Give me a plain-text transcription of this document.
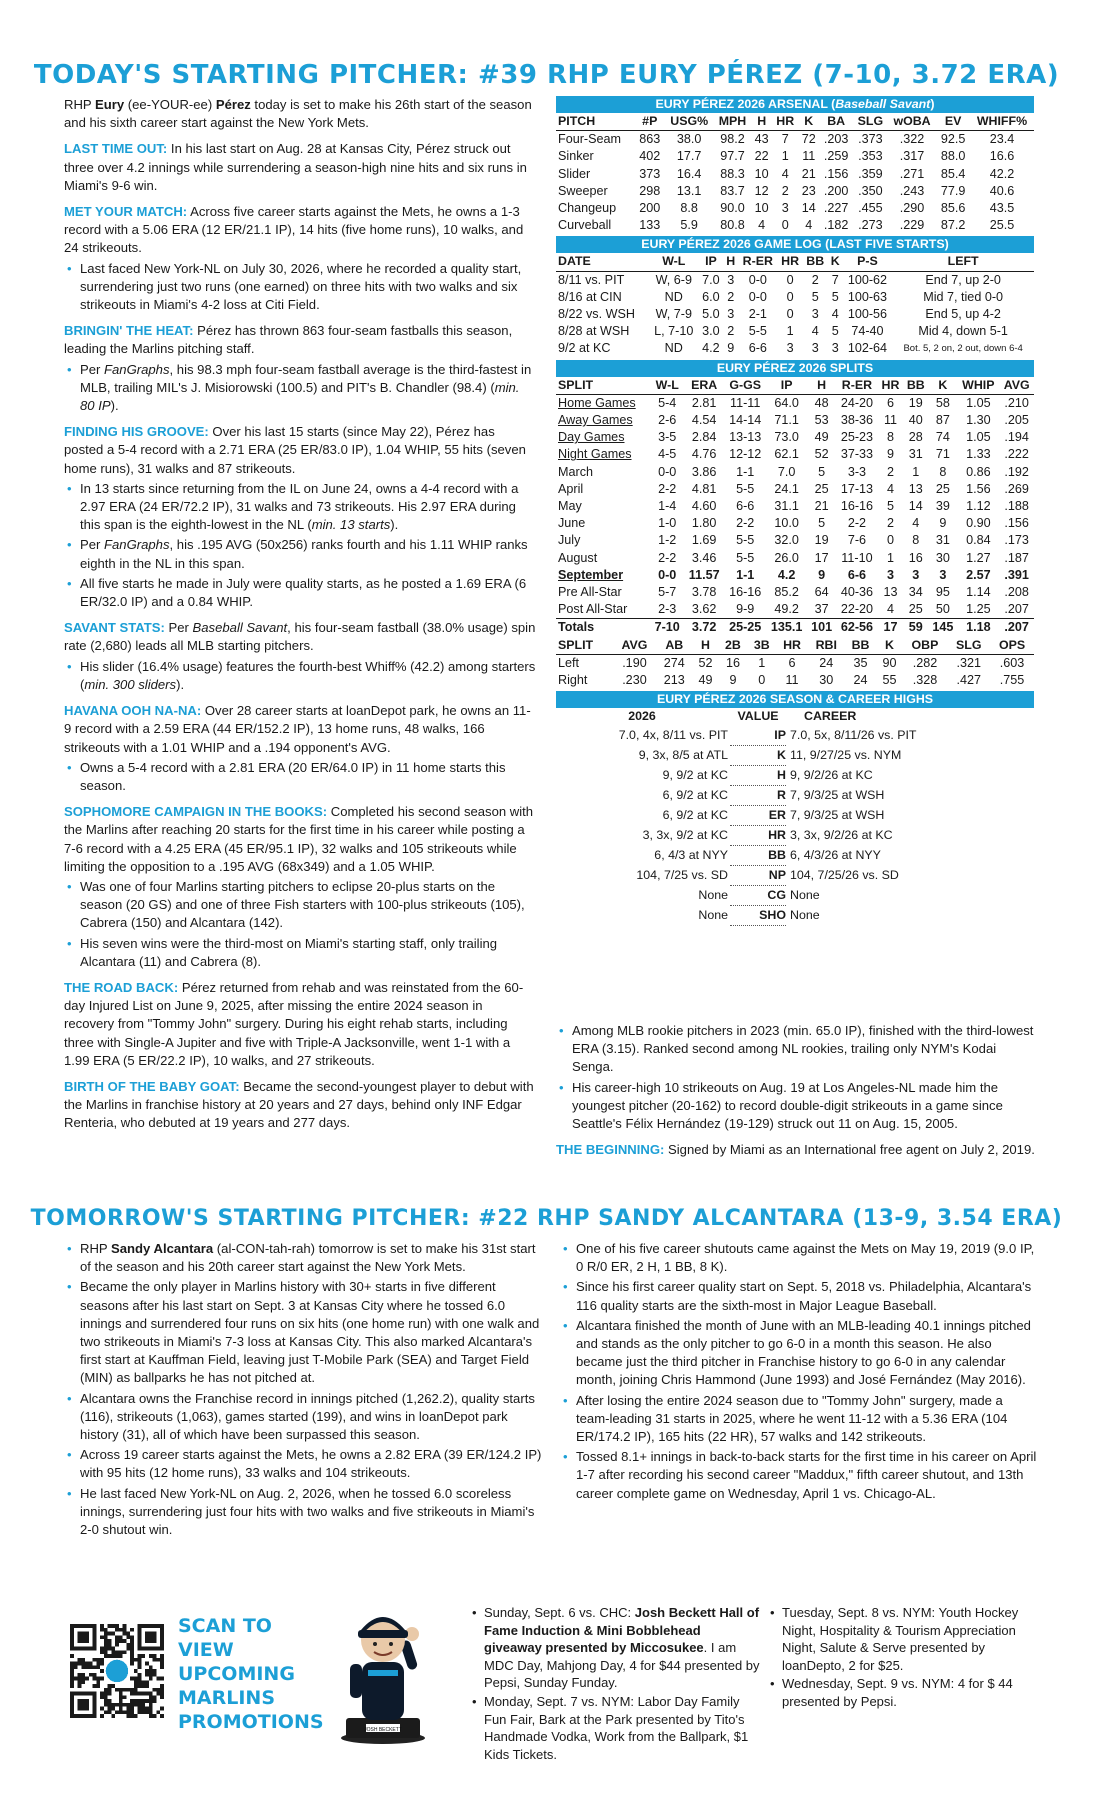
TODAY'S STARTING PITCHER: #39 RHP EURY PÉREZ (7-10, 3.72 ERA)

RHP Eury (ee-YOUR-ee) Pérez today is set to make his 26th start of the season and his sixth career start against the New York Mets.

LAST TIME OUT: In his last start on Aug. 28 at Kansas City, Pérez struck out three over 4.2 innings while surrendering a season-high nine hits and six runs in Miami's 9-6 win.

MET YOUR MATCH: Across five career starts against the Mets, he owns a 1-3 record with a 5.06 ERA (12 ER/21.1 IP), 14 hits (five home runs), 10 walks, and 24 strikeouts.

• Last faced New York-NL on July 30, 2026, where he recorded a quality start, surrendering just two runs (one earned) on three hits with two walks and six strikeouts in Miami's 4-2 loss at Citi Field.

BRINGIN' THE HEAT: Pérez has thrown 863 four-seam fastballs this season, leading the Marlins pitching staff.

• Per FanGraphs, his 98.3 mph four-seam fastball average is the third-fastest in MLB, trailing MIL's J. Misiorowski (100.5) and PIT's B. Chandler (98.4) (min. 80 IP).

FINDING HIS GROOVE: Over his last 15 starts (since May 22), Pérez has posted a 5-4 record with a 2.71 ERA (25 ER/83.0 IP), 1.04 WHIP, 55 hits (seven home runs), 31 walks and 87 strikeouts.

• In 13 starts since returning from the IL on June 24, owns a 4-4 record with a 2.97 ERA (24 ER/72.2 IP), 31 walks and 73 strikeouts. His 2.97 ERA during this span is the eighth-lowest in the NL (min. 13 starts).
• Per FanGraphs, his .195 AVG (50x256) ranks fourth and his 1.11 WHIP ranks eighth in the NL in this span.
• All five starts he made in July were quality starts, as he posted a 1.69 ERA (6 ER/32.0 IP) and a 0.84 WHIP.

SAVANT STATS: Per Baseball Savant, his four-seam fastball (38.0% usage) spin rate (2,680) leads all MLB starting pitchers.

• His slider (16.4% usage) features the fourth-best Whiff% (42.2) among starters (min. 300 sliders).

HAVANA OOH NA-NA: Over 28 career starts at loanDepot park, he owns an 11-9 record with a 2.59 ERA (44 ER/152.2 IP), 13 home runs, 48 walks, 166 strikeouts with a 1.01 WHIP and a .194 opponent's AVG.

• Owns a 5-4 record with a 2.81 ERA (20 ER/64.0 IP) in 11 home starts this season.

SOPHOMORE CAMPAIGN IN THE BOOKS: Completed his second season with the Marlins after reaching 20 starts for the first time in his career while posting a 7-6 record with a 4.25 ERA (45 ER/95.1 IP), 32 walks and 105 strikeouts while limiting the opposition to a .195 AVG (68x349) and a 1.05 WHIP.

• Was one of four Marlins starting pitchers to eclipse 20-plus starts on the season (20 GS) and one of three Fish starters with 100-plus strikeouts (105), Cabrera (150) and Alcantara (142).
• His seven wins were the third-most on Miami's starting staff, only trailing Alcantara (11) and Cabrera (8).

THE ROAD BACK: Pérez returned from rehab and was reinstated from the 60-day Injured List on June 9, 2025, after missing the entire 2024 season in recovery from "Tommy John" surgery. During his eight rehab starts, including three with Single-A Jupiter and five with Triple-A Jacksonville, went 1-1 with a 1.99 ERA (5 ER/22.2 IP), 10 walks, and 27 strikeouts.

BIRTH OF THE BABY GOAT: Became the second-youngest player to debut with the Marlins in franchise history at 20 years and 27 days, behind only INF Edgar Renteria, who debuted at 19 years and 277 days.

EURY PÉREZ 2026 ARSENAL (Baseball Savant)
PITCH	#P	USG%	MPH	H	HR	K	BA	SLG	wOBA	EV	WHIFF%
Four-Seam	863	38.0	98.2	43	7	72	.203	.373	.322	92.5	23.4
Sinker	402	17.7	97.7	22	1	11	.259	.353	.317	88.0	16.6
Slider	373	16.4	88.3	10	4	21	.156	.359	.271	85.4	42.2
Sweeper	298	13.1	83.7	12	2	23	.200	.350	.243	77.9	40.6
Changeup	200	8.8	90.0	10	3	14	.227	.455	.290	85.6	43.5
Curveball	133	5.9	80.8	4	0	4	.182	.273	.229	87.2	25.5
EURY PÉREZ 2026 GAME LOG (LAST FIVE STARTS)
DATE	W-L	IP	H	R-ER	HR	BB	K	P-S	LEFT
8/11 vs. PIT	W, 6-9	7.0	3	0-0	0	2	7	100-62	End 7, up 2-0
8/16 at CIN	ND	6.0	2	0-0	0	5	5	100-63	Mid 7, tied 0-0
8/22 vs. WSH	W, 7-9	5.0	3	2-1	0	3	4	100-56	End 5, up 4-2
8/28 at WSH	L, 7-10	3.0	2	5-5	1	4	5	74-40	Mid 4, down 5-1
9/2 at KC	ND	4.2	9	6-6	3	3	3	102-64	Bot. 5, 2 on, 2 out, down 6-4
EURY PÉREZ 2026 SPLITS
SPLIT	W-L	ERA	G-GS	IP	H	R-ER	HR	BB	K	WHIP	AVG
Home Games	5-4	2.81	11-11	64.0	48	24-20	6	19	58	1.05	.210
Away Games	2-6	4.54	14-14	71.1	53	38-36	11	40	87	1.30	.205
Day Games	3-5	2.84	13-13	73.0	49	25-23	8	28	74	1.05	.194
Night Games	4-5	4.76	12-12	62.1	52	37-33	9	31	71	1.33	.222
March	0-0	3.86	1-1	7.0	5	3-3	2	1	8	0.86	.192
April	2-2	4.81	5-5	24.1	25	17-13	4	13	25	1.56	.269
May	1-4	4.60	6-6	31.1	21	16-16	5	14	39	1.12	.188
June	1-0	1.80	2-2	10.0	5	2-2	2	4	9	0.90	.156
July	1-2	1.69	5-5	32.0	19	7-6	0	8	31	0.84	.173
August	2-2	3.46	5-5	26.0	17	11-10	1	16	30	1.27	.187
September	0-0	11.57	1-1	4.2	9	6-6	3	3	3	2.57	.391
Pre All-Star	5-7	3.78	16-16	85.2	64	40-36	13	34	95	1.14	.208
Post All-Star	2-3	3.62	9-9	49.2	37	22-20	4	25	50	1.25	.207
Totals	7-10	3.72	25-25	135.1	101	62-56	17	59	145	1.18	.207
SPLIT	AVG	AB	H	2B	3B	HR	RBI	BB	K	OBP	SLG	OPS
Left	.190	274	52	16	1	6	24	35	90	.282	.321	.603
Right	.230	213	49	9	0	11	30	24	55	.328	.427	.755
EURY PÉREZ 2026 SEASON & CAREER HIGHS
2026	VALUE	CAREER
7.0, 4x, 8/11 vs. PIT	IP	7.0, 5x, 8/11/26 vs. PIT
9, 3x, 8/5 at ATL	K	11, 9/27/25 vs. NYM
9, 9/2 at KC	H	9, 9/2/26 at KC
6, 9/2 at KC	R	7, 9/3/25 at WSH
6, 9/2 at KC	ER	7, 9/3/25 at WSH
3, 3x, 9/2 at KC	HR	3, 3x, 9/2/26 at KC
6, 4/3 at NYY	BB	6, 4/3/26 at NYY
104, 7/25 vs. SD	NP	104, 7/25/26 vs. SD
None	CG	None
None	SHO	None
• Among MLB rookie pitchers in 2023 (min. 65.0 IP), finished with the third-lowest ERA (3.15). Ranked second among NL rookies, trailing only NYM's Kodai Senga.
• His career-high 10 strikeouts on Aug. 19 at Los Angeles-NL made him the youngest pitcher (20-162) to record double-digit strikeouts in a game since Seattle's Félix Hernández (19-129) struck out 11 on Aug. 15, 2005.

THE BEGINNING: Signed by Miami as an International free agent on July 2, 2019.

TOMORROW'S STARTING PITCHER: #22 RHP SANDY ALCANTARA (13-9, 3.54 ERA)
• RHP Sandy Alcantara (al-CON-tah-rah) tomorrow is set to make his 31st start of the season and his 20th career start against the New York Mets.
• Became the only player in Marlins history with 30+ starts in five different seasons after his last start on Sept. 3 at Kansas City where he tossed 6.0 innings and surrendered four runs on six hits (one home run) with one walk and two strikeouts in Miami's 7-3 loss at Kansas City. This also marked Alcantara's first start at Kauffman Field, leaving just T-Mobile Park (SEA) and Target Field (MIN) as ballparks he has not pitched at.
• Alcantara owns the Franchise record in innings pitched (1,262.2), quality starts (116), strikeouts (1,063), games started (199), and wins in loanDepot park history (31), all of which have been surpassed this season.
• Across 19 career starts against the Mets, he owns a 2.82 ERA (39 ER/124.2 IP) with 95 hits (12 home runs), 33 walks and 104 strikeouts.
• He last faced New York-NL on Aug. 2, 2026, when he tossed 6.0 scoreless innings, surrendering just four hits with two walks and five strikeouts in Miami's 2-0 shutout win.
• One of his five career shutouts came against the Mets on May 19, 2019 (9.0 IP, 0 R/0 ER, 2 H, 1 BB, 8 K).
• Since his first career quality start on Sept. 5, 2018 vs. Philadelphia, Alcantara's 116 quality starts are the sixth-most in Major League Baseball.
• Alcantara finished the month of June with an MLB-leading 40.1 innings pitched and stands as the only pitcher to go 6-0 in a month this season. He also became just the third pitcher in Franchise history to go 6-0 in any calendar month, joining Chris Hammond (June 1993) and José Fernández (May 2016).
• After losing the entire 2024 season due to "Tommy John" surgery, made a team-leading 31 starts in 2025, where he went 11-12 with a 5.36 ERA (104 ER/174.2 IP), 165 hits (22 HR), 57 walks and 142 strikeouts.
• Tossed 8.1+ innings in back-to-back starts for the first time in his career on April 1-7 after recording his second career "Maddux," fifth career shutout, and 13th career complete game on Wednesday, April 1 vs. Chicago-AL.
SCAN TO VIEW UPCOMING MARLINS PROMOTIONS	JOSH BECKETT
• Sunday, Sept. 6 vs. CHC: Josh Beckett Hall of Fame Induction & Mini Bobblehead giveaway presented by Miccosukee. I am MDC Day, Mahjong Day, 4 for $44 presented by Pepsi, Sunday Funday.
• Monday, Sept. 7 vs. NYM: Labor Day Family Fun Fair, Bark at the Park presented by Tito's Handmade Vodka, Work from the Ballpark, $1 Kids Tickets.
• Tuesday, Sept. 8 vs. NYM: Youth Hockey Night, Hospitality & Tourism Appreciation Night, Salute & Serve presented by loanDepto, 2 for $25.
• Wednesday, Sept. 9 vs. NYM: 4 for $ 44 presented by Pepsi.
